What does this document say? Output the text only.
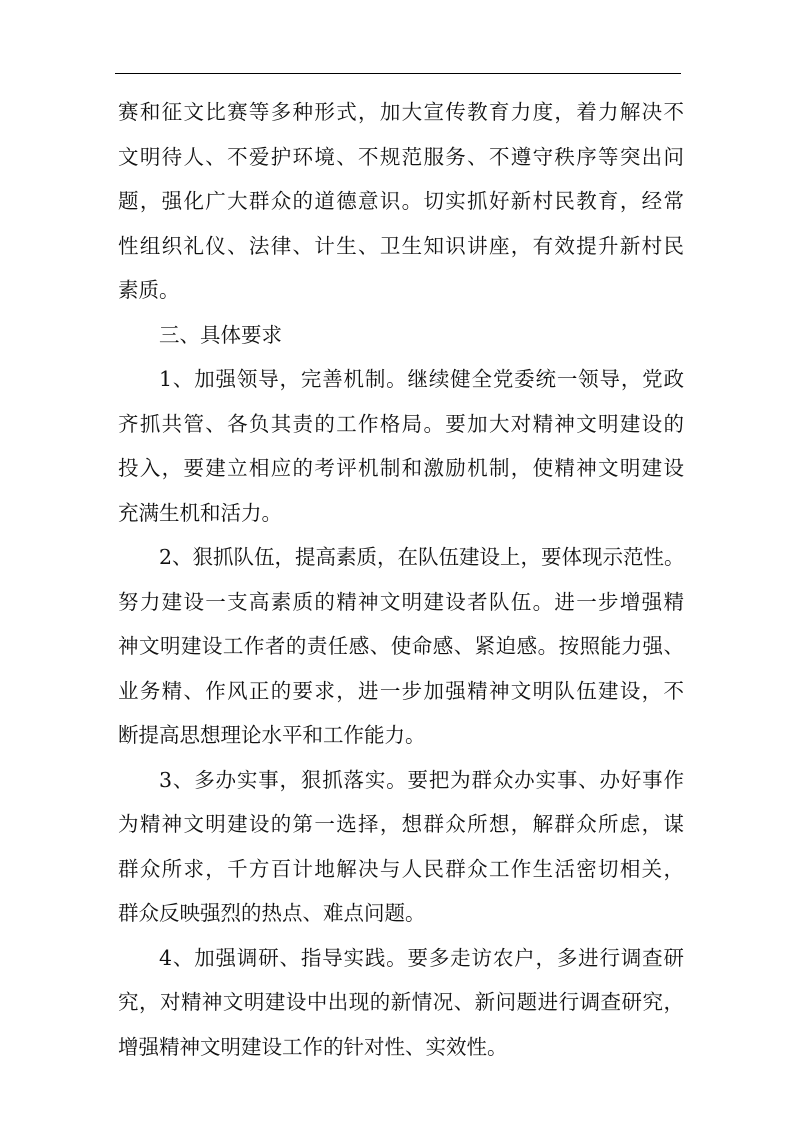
赛和征文比赛等多种形式，加大宣传教育力度，着力解决不
文明待人、不爱护环境、不规范服务、不遵守秩序等突出问
题，强化广大群众的道德意识。切实抓好新村民教育，经常
性组织礼仪、法律、计生、卫生知识讲座，有效提升新村民
素质。
三、具体要求
1、加强领导，完善机制。继续健全党委统一领导，党政
齐抓共管、各负其责的工作格局。要加大对精神文明建设的
投入，要建立相应的考评机制和激励机制，使精神文明建设
充满生机和活力。
2、狠抓队伍，提高素质，在队伍建设上，要体现示范性。
努力建设一支高素质的精神文明建设者队伍。进一步增强精
神文明建设工作者的责任感、使命感、紧迫感。按照能力强、
业务精、作风正的要求，进一步加强精神文明队伍建设，不
断提高思想理论水平和工作能力。
3、多办实事，狠抓落实。要把为群众办实事、办好事作
为精神文明建设的第一选择，想群众所想，解群众所虑，谋
群众所求，千方百计地解决与人民群众工作生活密切相关，
群众反映强烈的热点、难点问题。
4、加强调研、指导实践。要多走访农户，多进行调查研
究，对精神文明建设中出现的新情况、新问题进行调查研究，
增强精神文明建设工作的针对性、实效性。
